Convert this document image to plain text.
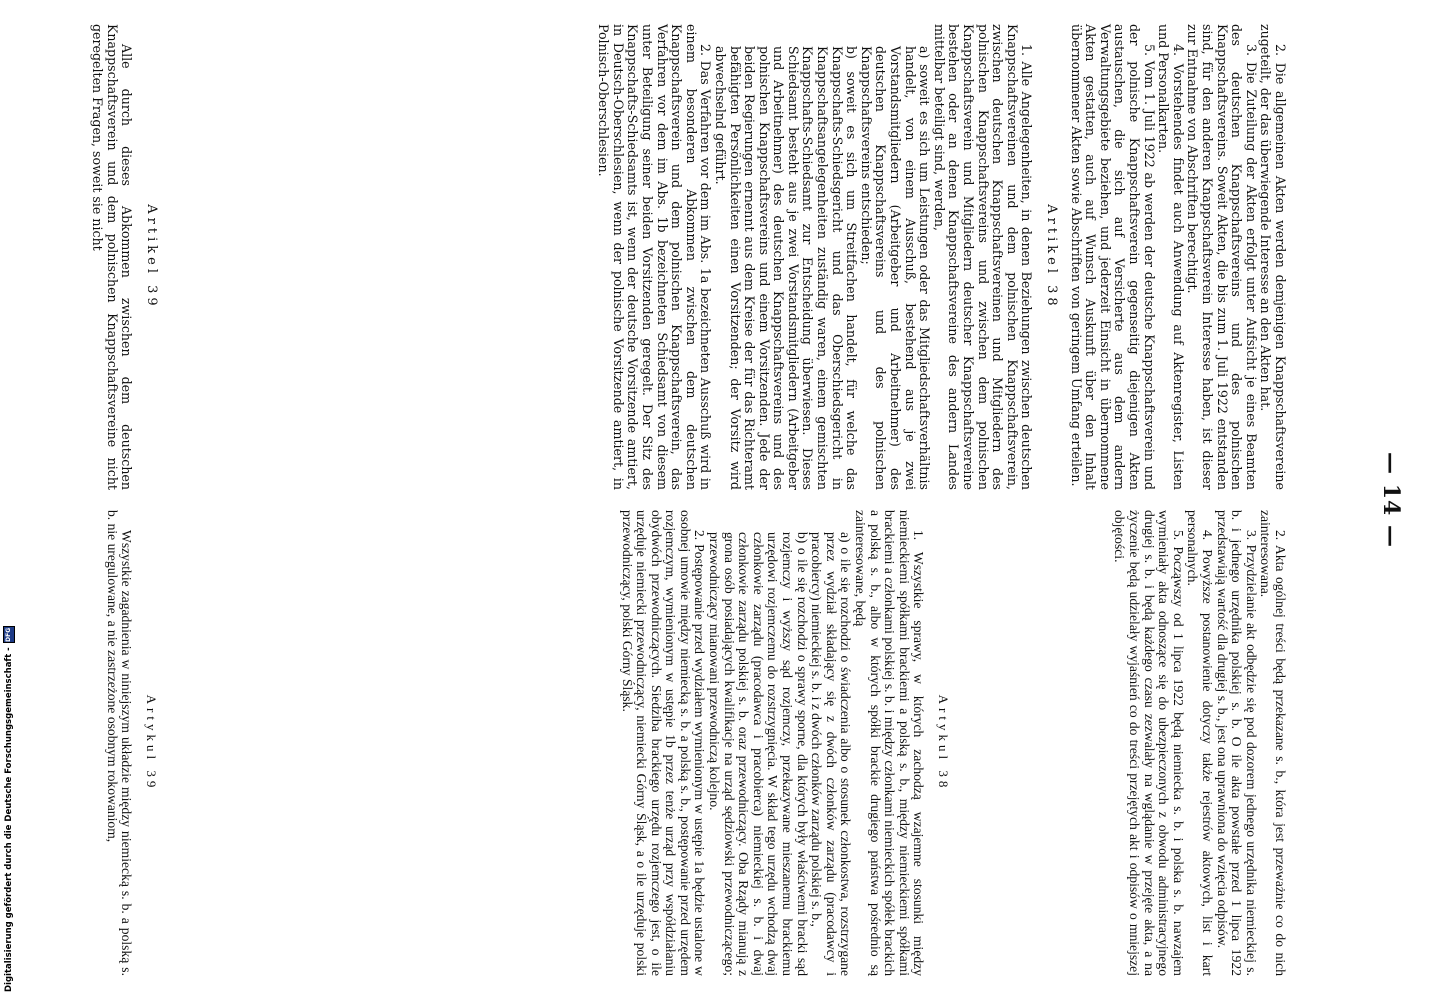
— 14 —

2. Die allgemeinen Akten werden demjenigen Knappschaftsvereine zugeteilt, der das überwiegende Interesse an den Akten hat.

3. Die Zuteilung der Akten erfolgt unter Aufsicht je eines Beamten des deutschen Knappschaftsvereins und des polnischen Knappschaftsvereins. Soweit Akten, die bis zum 1. Juli 1922 entstanden sind, für den anderen Knappschaftsverein Interesse haben, ist dieser zur Entnahme von Abschriften berechtigt.

4. Vorstehendes findet auch Anwendung auf Aktenregister, Listen und Personalkarten.

5. Vom 1. Juli 1922 ab werden der deutsche Knappschaftsverein und der polnische Knappschaftsverein gegenseitig diejenigen Akten austauschen, die sich auf Versicherte aus dem andern Verwaltungsgebiete beziehen, und jederzeit Einsicht in übernommene Akten gestatten, auch auf Wunsch Auskunft über den Inhalt übernommener Akten sowie Abschriften von geringem Umfang erteilen.

Artikel 38

1. Alle Angelegenheiten, in denen Beziehungen zwischen deutschen Knappschaftsvereinen und dem polnischen Knappschaftsverein, zwischen deutschen Knappschaftsvereinen und Mitgliedern des polnischen Knappschaftsvereins und zwischen dem polnischen Knappschaftsverein und Mitgliedern deutscher Knappschaftsvereine bestehen oder an denen Knappschaftsvereine des andern Landes mittelbar beteiligt sind, werden,

a) soweit es sich um Leistungen oder das Mitgliedschaftsverhältnis handelt, von einem Ausschuß, bestehend aus je zwei Vorstandsmitgliedern (Arbeitgeber und Arbeitnehmer) des deutschen Knappschaftsvereins und des polnischen Knappschaftsvereins entschieden;

b) soweit es sich um Streitfachen handelt, für welche das Knappschafts-Schiedsgericht und das Oberschiedsgericht in Knappschaftsangelegenheiten zuständig waren, einem gemischten Knappschafts-Schiedsamt zur Entscheidung überwiesen. Dieses Schiedsamt besteht aus je zwei Vorstandsmitgliedern (Arbeitgeber und Arbeitnehmer) des deutschen Knappschaftsvereins und des polnischen Knappschaftsvereins und einem Vorsitzenden. Jede der beiden Regierungen ernennt aus dem Kreise der für das Richteramt befähigten Persönlichkeiten einen Vorsitzenden; der Vorsitz wird abwechselnd geführt.

2. Das Verfahren vor dem im Abs. 1a bezeichneten Ausschuß wird in einem besonderen Abkommen zwischen dem deutschen Knappschaftsverein und dem polnischen Knappschaftsverein, das Verfahren vor dem im Abs. 1b bezeichneten Schiedsamt von diesem unter Beteiligung seiner beiden Vorsitzenden geregelt. Der Sitz des Knappschafts-Schiedsamts ist, wenn der deutsche Vorsitzende amtiert, in Deutsch-Oberschlesien, wenn der polnische Vorsitzende amtiert, in Polnisch-Oberschlesien.

Artikel 39

Alle durch dieses Abkommen zwischen dem deutschen Knappschaftsverein und dem polnischen Knappschaftsvereine nicht geregelten Fragen, soweit sie nicht

2. Akta ogólnej treści będą przekazane s. b., która jest przeważnie co do nich zainteresowana.

3. Przydzielanie akt odbędzie się pod dozorem jednego urzędnika niemieckiej s. b. i jednego urzędnika polskiej s. b. O ile akta powstałe przed 1 lipca 1922 przedstawiają wartość dla drugiej s. b., jest ona uprawniona do wzięcia odpisów.

4. Powyższe postanowienie dotyczy także rejestrów aktowych, list i kart personalnych.

5. Począwszy od 1 lipca 1922 będą niemiecka s. b. i polska s. b. nawzajem wymieniały akta odnoszące się do ubezpieczonych z obwodu administracyjnego drugiej s. b. i będą każdego czasu zezwalały na wglądanie w przejęte akta, a na życzenie będą udzielały wyjaśnień co do treści przejętych akt i odpisów o mniejszej objętości.

Artykul 38

1. Wszystkie sprawy, w których zachodzą wzajemne stosunki między niemieckiemi spółkami brackiemi a polską s. b., między niemieckiemi spółkami brackiemi a członkami polskiej s. b. i między członkami niemieckich spółek brackich a polską s. b., albo w których spółki brackie drugiego państwa pośrednio są zainteresowane, będą

a) o ile się rozchodzi o świadczenia albo o stosunek członkostwa, rozstrzygane przez wydział składający się z dwóch członków zarządu (pracodawcy i pracobiercy) niemieckiej s. b. i z dwóch członków zarządu polskiej s. b.,

b) o ile się rozchodzi o sprawy sporne, dla których były właściwemi bracki sąd rozjemczy i wyższy sąd rozjemczy, przekazywane mieszanemu brackiemu urzędowi rozjemczemu do rozstrzygnięcia. W skład tego urzędu wchodzą dwaj członkowie zarządu (pracodawca i pracobierca) niemieckiej s. b. i dwaj członkowie zarządu polskiej s. b. oraz przewodniczący. Oba Rządy mianują z grona osób posiadających kwalifikacje na urząd sędziowski przewodniczącego; przewodniczący mianowani przewodniczą kolejno.

2. Postępowanie przed wydziałem wymienionym w ustępie 1a będzie ustalone w osobnej umowie między niemiecką s. b. a polską s. b., postępowanie przed urzędem rozjemczym, wymienionym w ustępie 1b przez tenże urząd przy współdziałaniu obydwóch przewodniczących. Siedziba brackiego urzędu rozjemczego jest, o ile urzęduje niemiecki przewodniczący, niemiecki Górny Śląsk, a o ile urzęduje polski przewodniczący, polski Górny Śląsk.

Artykul 39

Wszystkie zagadnienia w niniejszym układzie między niemiecką s. b. a polską s. b. nie uregulowane, a nie zastrzeżone osobnym rokowaniom,

Digitalisierung gefördert durch die Deutsche Forschungsgemeinschaft -
DFG
